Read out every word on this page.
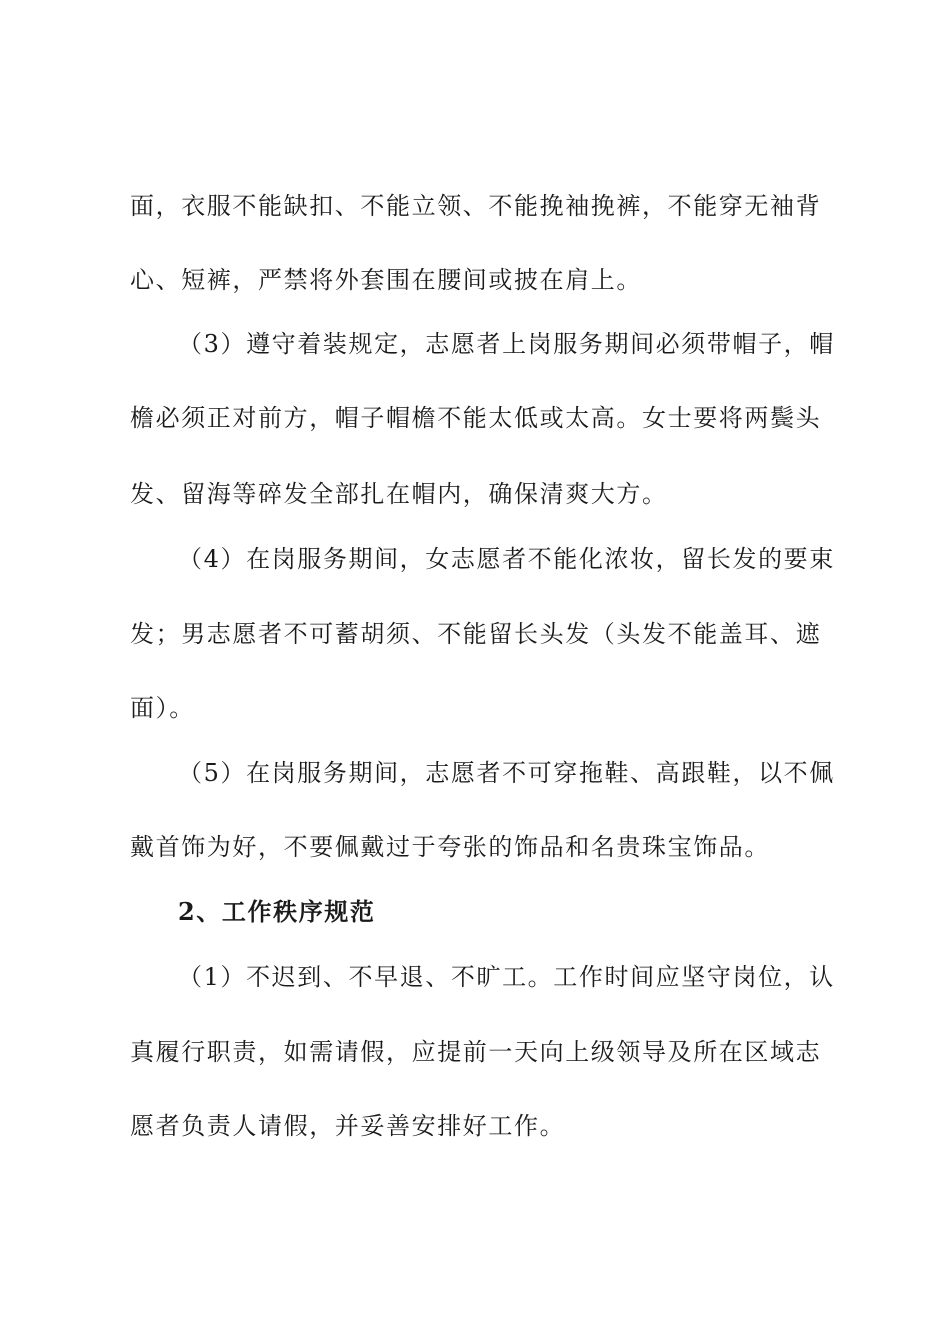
面，衣服不能缺扣、不能立领、不能挽袖挽裤，不能穿无袖背
心、短裤，严禁将外套围在腰间或披在肩上。
（3）遵守着装规定，志愿者上岗服务期间必须带帽子，帽
檐必须正对前方，帽子帽檐不能太低或太高。女士要将两鬓头
发、留海等碎发全部扎在帽内，确保清爽大方。
（4）在岗服务期间，女志愿者不能化浓妆，留长发的要束
发；男志愿者不可蓄胡须、不能留长头发（头发不能盖耳、遮
面）。
（5）在岗服务期间，志愿者不可穿拖鞋、高跟鞋，以不佩
戴首饰为好，不要佩戴过于夸张的饰品和名贵珠宝饰品。
2、工作秩序规范
（1）不迟到、不早退、不旷工。工作时间应坚守岗位，认
真履行职责，如需请假，应提前一天向上级领导及所在区域志
愿者负责人请假，并妥善安排好工作。
